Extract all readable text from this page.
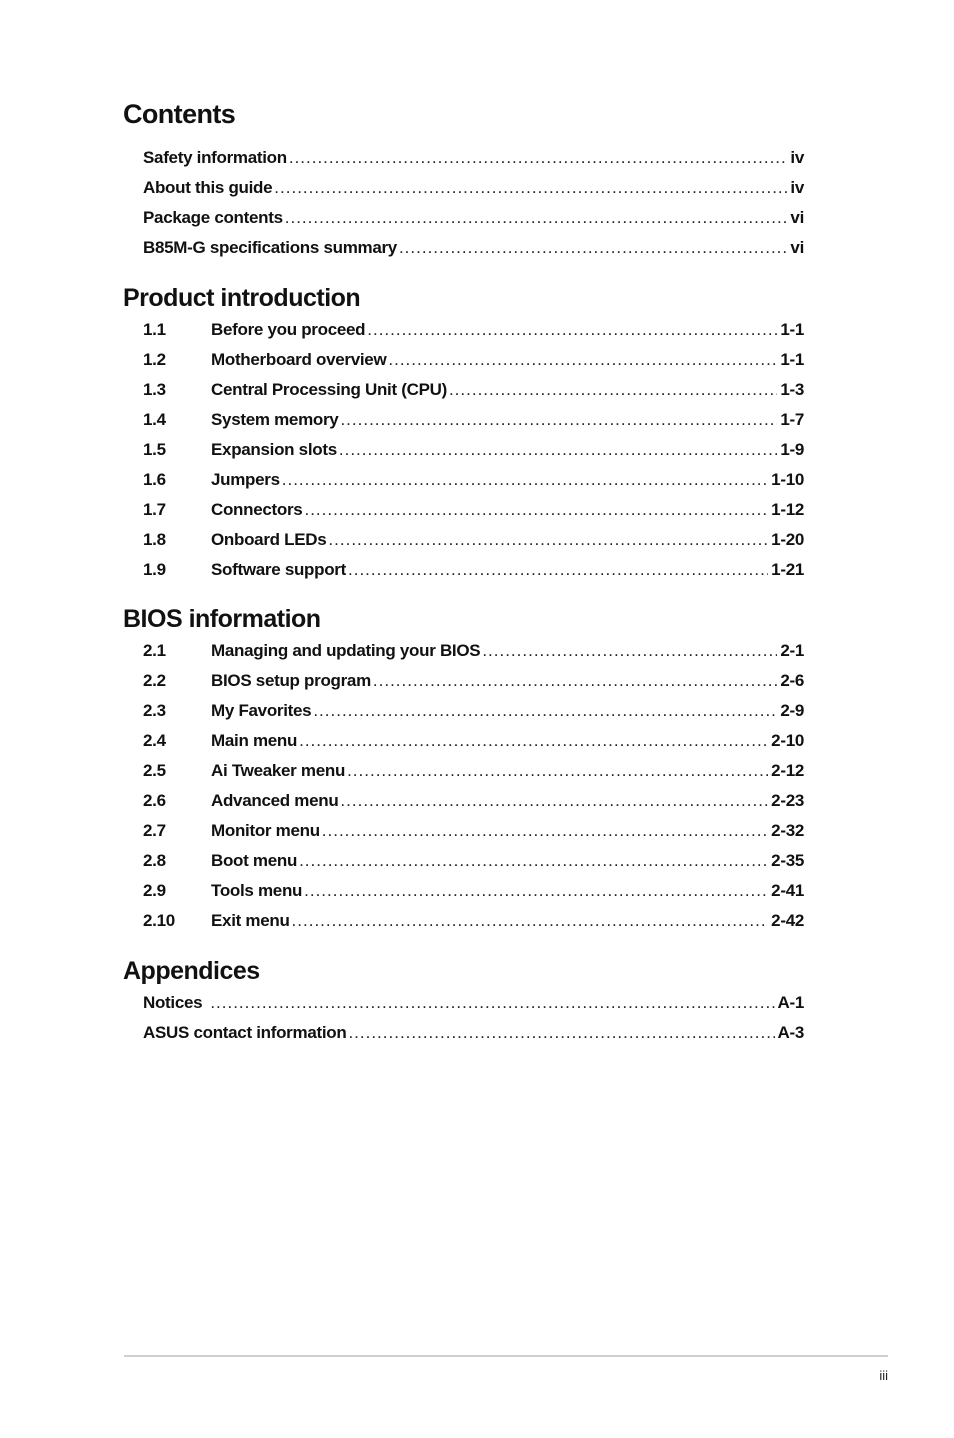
Contents
Safety information .....	iv
About this guide .....	iv
Package contents .....	vi
B85M-G specifications summary .....	vi
Product introduction
1.1	Before you proceed .....	1-1
1.2	Motherboard overview .....	1-1
1.3	Central Processing Unit (CPU) .....	1-3
1.4	System memory .....	1-7
1.5	Expansion slots .....	1-9
1.6	Jumpers .....	1-10
1.7	Connectors .....	1-12
1.8	Onboard LEDs .....	1-20
1.9	Software support .....	1-21
BIOS information
2.1	Managing and updating your BIOS .....	2-1
2.2	BIOS setup program .....	2-6
2.3	My Favorites .....	2-9
2.4	Main menu .....	2-10
2.5	Ai Tweaker menu .....	2-12
2.6	Advanced menu .....	2-23
2.7	Monitor menu .....	2-32
2.8	Boot menu .....	2-35
2.9	Tools menu .....	2-41
2.10	Exit menu .....	2-42
Appendices
Notices .....	A-1
ASUS contact information .....	A-3
iii
